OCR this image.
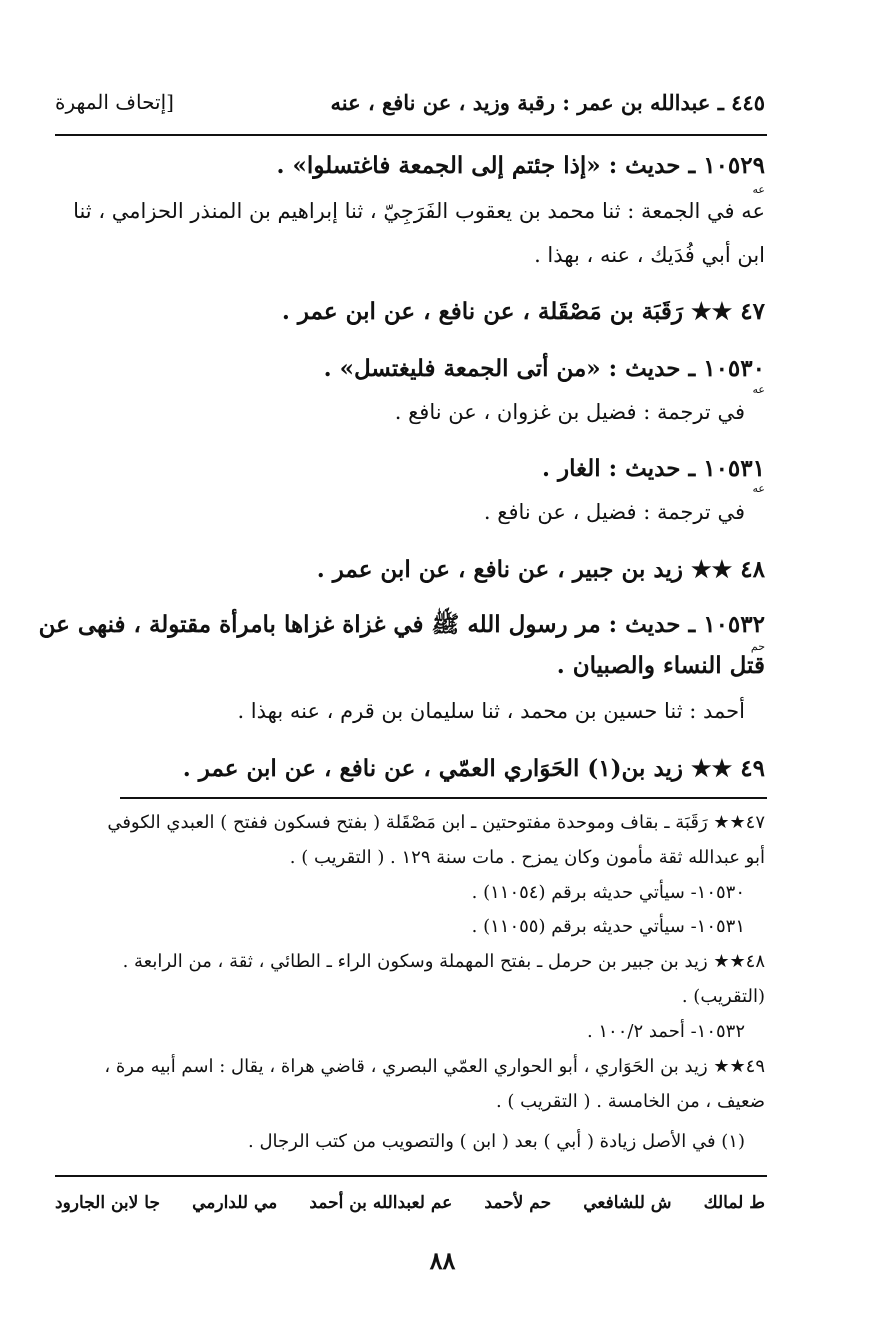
٤٤٥ ـ عبدالله بن عمر : رقبة وزيد ، عن نافع ، عنه
[إتحاف المهرة
١٠٥٢٩ ـ حديث : «إذا جئتم إلى الجمعة فاغتسلوا» .
عه
عه في الجمعة : ثنا محمد بن يعقوب الفَرَجِيّ ، ثنا إبراهيم بن المنذر الحزامي ، ثنا
ابن أبي فُدَيك ، عنه ، بهذا .
٤٧ ★★ رَقَبَة بن مَصْقَلة ، عن نافع ، عن ابن عمر .
١٠٥٣٠ ـ حديث : «من أتى الجمعة فليغتسل» .
عه
في ترجمة : فضيل بن غزوان ، عن نافع .
١٠٥٣١ ـ حديث : الغار .
عه
في ترجمة : فضيل ، عن نافع .
٤٨ ★★ زيد بن جبير ، عن نافع ، عن ابن عمر .
١٠٥٣٢ ـ حديث : مر رسول الله ﷺ في غزاة غزاها بامرأة مقتولة ، فنهى عن
حم
قتل النساء والصبيان .
أحمد : ثنا حسين بن محمد ، ثنا سليمان بن قرم ، عنه بهذا .
٤٩ ★★ زيد بن(١) الحَوَاري العمّي ، عن نافع ، عن ابن عمر .
٤٧★★ رَقَبَة ـ بقاف وموحدة مفتوحتين ـ ابن مَصْقَلة ( بفتح فسكون ففتح ) العبدي الكوفي
أبو عبدالله ثقة مأمون وكان يمزح . مات سنة ١٢٩ . ( التقريب ) .
١٠٥٣٠- سيأتي حديثه برقم (١١٠٥٤) .
١٠٥٣١- سيأتي حديثه برقم (١١٠٥٥) .
٤٨★★ زيد بن جبير بن حرمل ـ بفتح المهملة وسكون الراء ـ الطائي ، ثقة ، من الرابعة .
(التقريب) .
١٠٥٣٢- أحمد ١٠٠/٢ .
٤٩★★ زيد بن الحَوَاري ، أبو الحواري العمّي البصري ، قاضي هراة ، يقال : اسم أبيه مرة ،
ضعيف ، من الخامسة . ( التقريب ) .
(١) في الأصل زيادة ( أبي ) بعد ( ابن ) والتصويب من كتب الرجال .
ط لمالك
ش للشافعي
حم لأحمد
عم لعبدالله بن أحمد
مي للدارمي
جا لابن الجارود
٨٨
